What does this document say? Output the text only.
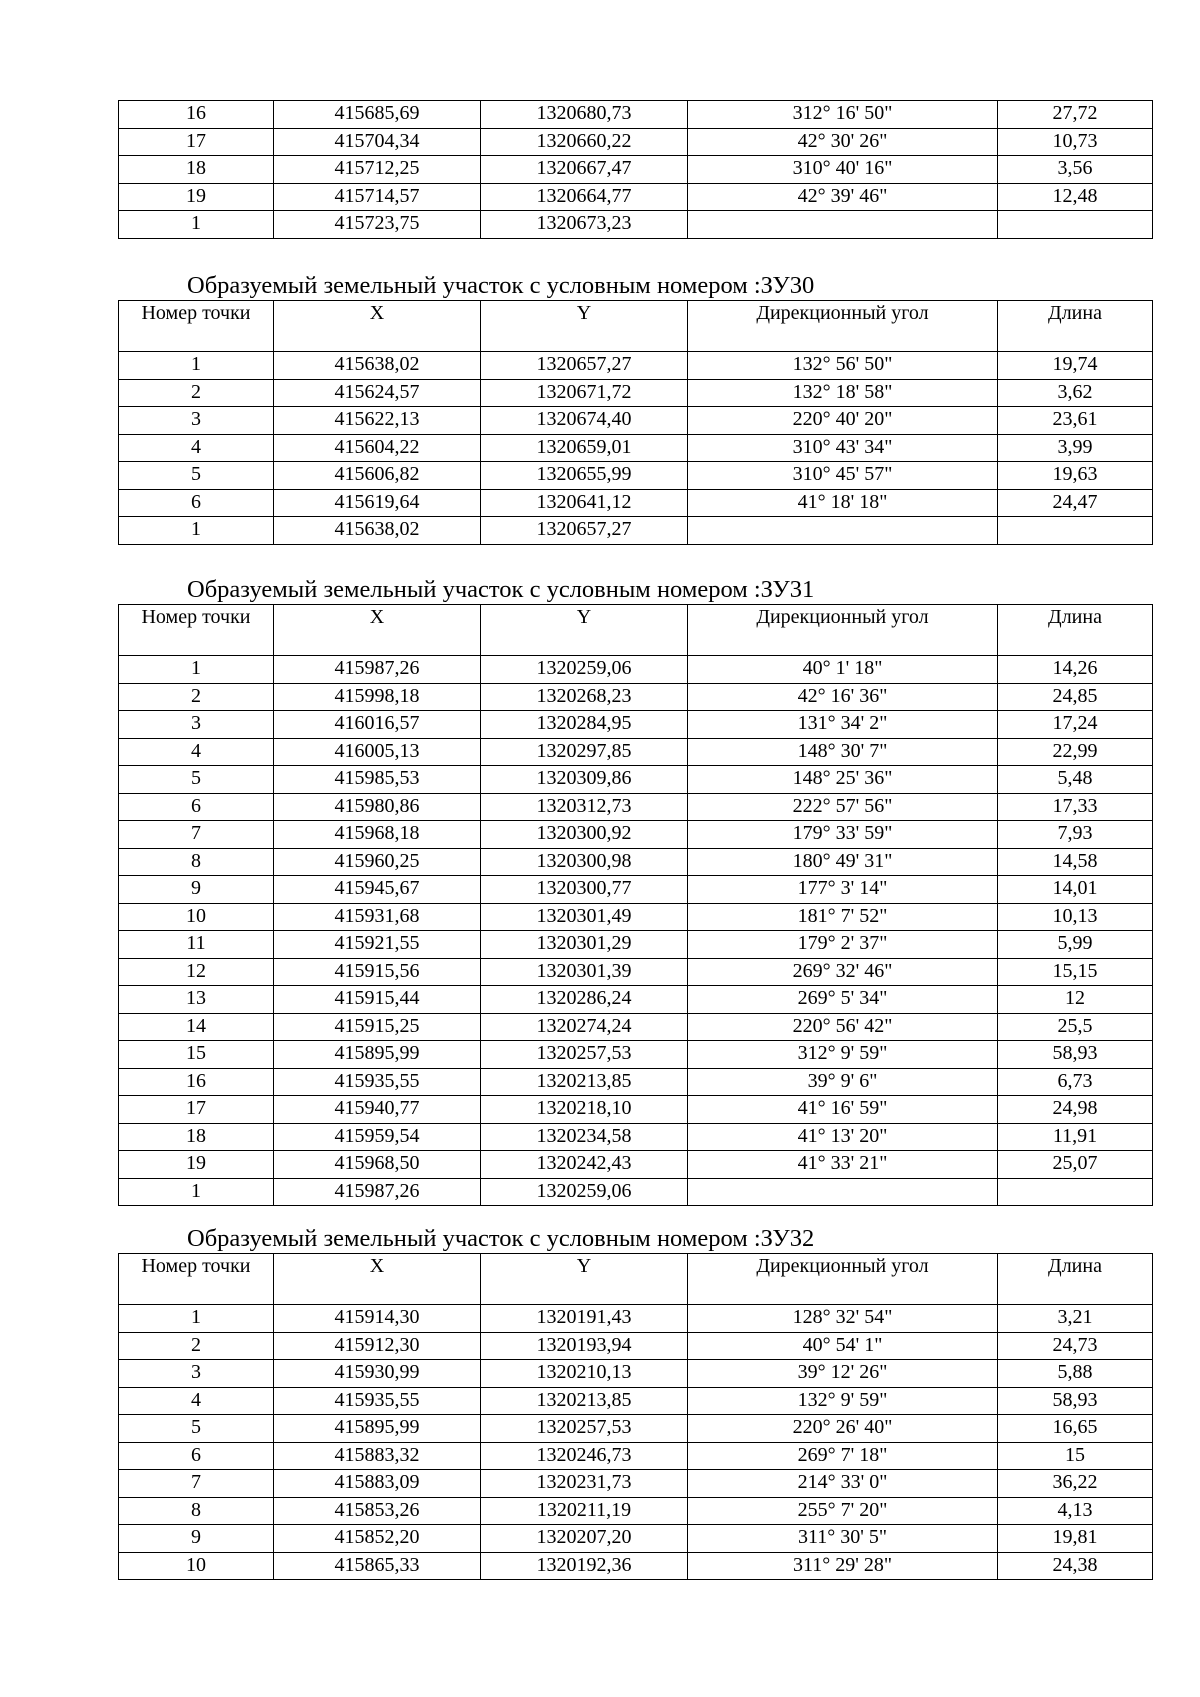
16	415685,69	1320680,73	312° 16' 50"	27,72
17	415704,34	1320660,22	42° 30' 26"	10,73
18	415712,25	1320667,47	310° 40' 16"	3,56
19	415714,57	1320664,77	42° 39' 46"	12,48
1	415723,75	1320673,23		
Образуемый земельный участок с условным номером :ЗУ30
Номер точки	X	Y	Дирекционный угол	Длина
1	415638,02	1320657,27	132° 56' 50"	19,74
2	415624,57	1320671,72	132° 18' 58"	3,62
3	415622,13	1320674,40	220° 40' 20"	23,61
4	415604,22	1320659,01	310° 43' 34"	3,99
5	415606,82	1320655,99	310° 45' 57"	19,63
6	415619,64	1320641,12	41° 18' 18"	24,47
1	415638,02	1320657,27		
Образуемый земельный участок с условным номером :ЗУ31
Номер точки	X	Y	Дирекционный угол	Длина
1	415987,26	1320259,06	40° 1' 18"	14,26
2	415998,18	1320268,23	42° 16' 36"	24,85
3	416016,57	1320284,95	131° 34' 2"	17,24
4	416005,13	1320297,85	148° 30' 7"	22,99
5	415985,53	1320309,86	148° 25' 36"	5,48
6	415980,86	1320312,73	222° 57' 56"	17,33
7	415968,18	1320300,92	179° 33' 59"	7,93
8	415960,25	1320300,98	180° 49' 31"	14,58
9	415945,67	1320300,77	177° 3' 14"	14,01
10	415931,68	1320301,49	181° 7' 52"	10,13
11	415921,55	1320301,29	179° 2' 37"	5,99
12	415915,56	1320301,39	269° 32' 46"	15,15
13	415915,44	1320286,24	269° 5' 34"	12
14	415915,25	1320274,24	220° 56' 42"	25,5
15	415895,99	1320257,53	312° 9' 59"	58,93
16	415935,55	1320213,85	39° 9' 6"	6,73
17	415940,77	1320218,10	41° 16' 59"	24,98
18	415959,54	1320234,58	41° 13' 20"	11,91
19	415968,50	1320242,43	41° 33' 21"	25,07
1	415987,26	1320259,06		
Образуемый земельный участок с условным номером :ЗУ32
Номер точки	X	Y	Дирекционный угол	Длина
1	415914,30	1320191,43	128° 32' 54"	3,21
2	415912,30	1320193,94	40° 54' 1"	24,73
3	415930,99	1320210,13	39° 12' 26"	5,88
4	415935,55	1320213,85	132° 9' 59"	58,93
5	415895,99	1320257,53	220° 26' 40"	16,65
6	415883,32	1320246,73	269° 7' 18"	15
7	415883,09	1320231,73	214° 33' 0"	36,22
8	415853,26	1320211,19	255° 7' 20"	4,13
9	415852,20	1320207,20	311° 30' 5"	19,81
10	415865,33	1320192,36	311° 29' 28"	24,38
